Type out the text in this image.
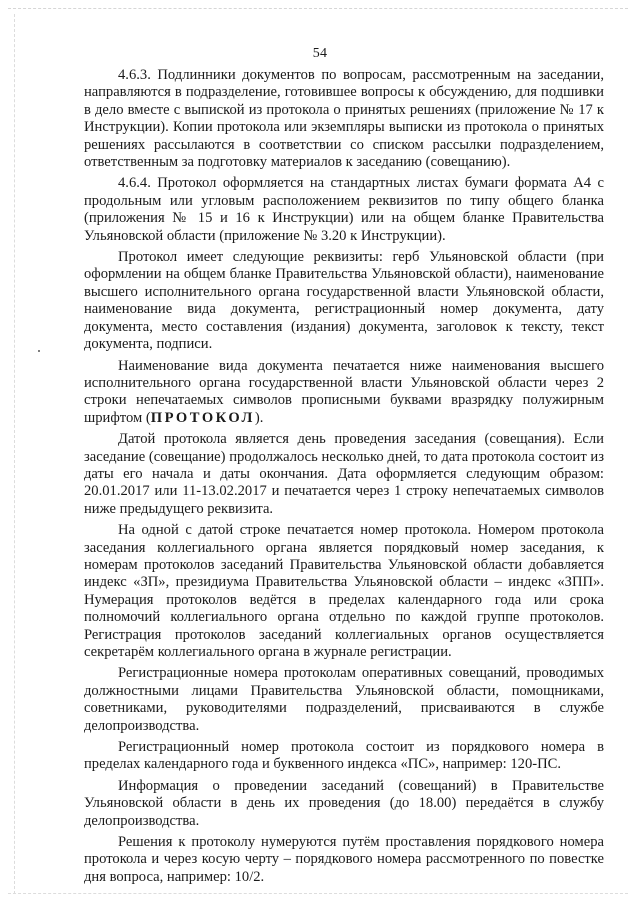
54

4.6.3. Подлинники документов по вопросам, рассмотренным на заседании, направляются в подразделение, готовившее вопросы к обсуждению, для подшивки в дело вместе с выпиской из протокола о принятых решениях (приложение № 17 к Инструкции). Копии протокола или экземпляры выписки из протокола о принятых решениях рассылаются в соответствии со списком рассылки подразделением, ответственным за подготовку материалов к заседанию (совещанию).

4.6.4. Протокол оформляется на стандартных листах бумаги формата А4 с продольным или угловым расположением реквизитов по типу общего бланка (приложения № 15 и 16 к Инструкции) или на общем бланке Правительства Ульяновской области (приложение № 3.20 к Инструкции).

Протокол имеет следующие реквизиты: герб Ульяновской области (при оформлении на общем бланке Правительства Ульяновской области), наименование высшего исполнительного органа государственной власти Ульяновской области, наименование вида документа, регистрационный номер документа, дату документа, место составления (издания) документа, заголовок к тексту, текст документа, подписи.

Наименование вида документа печатается ниже наименования высшего исполнительного органа государственной власти Ульяновской области через 2 строки непечатаемых символов прописными буквами вразрядку полужирным шрифтом (ПРОТОКОЛ).

Датой протокола является день проведения заседания (совещания). Если заседание (совещание) продолжалось несколько дней, то дата протокола состоит из даты его начала и даты окончания. Дата оформляется следующим образом: 20.01.2017 или 11-13.02.2017 и печатается через 1 строку непечатаемых символов ниже предыдущего реквизита.

На одной с датой строке печатается номер протокола. Номером протокола заседания коллегиального органа является порядковый номер заседания, к номерам протоколов заседаний Правительства Ульяновской области добавляется индекс «ЗП», президиума Правительства Ульяновской области – индекс «ЗПП». Нумерация протоколов ведётся в пределах календарного года или срока полномочий коллегиального органа отдельно по каждой группе протоколов. Регистрация протоколов заседаний коллегиальных органов осуществляется секретарём коллегиального органа в журнале регистрации.

Регистрационные номера протоколам оперативных совещаний, проводимых должностными лицами Правительства Ульяновской области, помощниками, советниками, руководителями подразделений, присваиваются в службе делопроизводства.

Регистрационный номер протокола состоит из порядкового номера в пределах календарного года и буквенного индекса «ПС», например: 120-ПС.

Информация о проведении заседаний (совещаний) в Правительстве Ульяновской области в день их проведения (до 18.00) передаётся в службу делопроизводства.

Решения к протоколу нумеруются путём проставления порядкового номера протокола и через косую черту – порядкового номера рассмотренного по повестке дня вопроса, например: 10/2.
